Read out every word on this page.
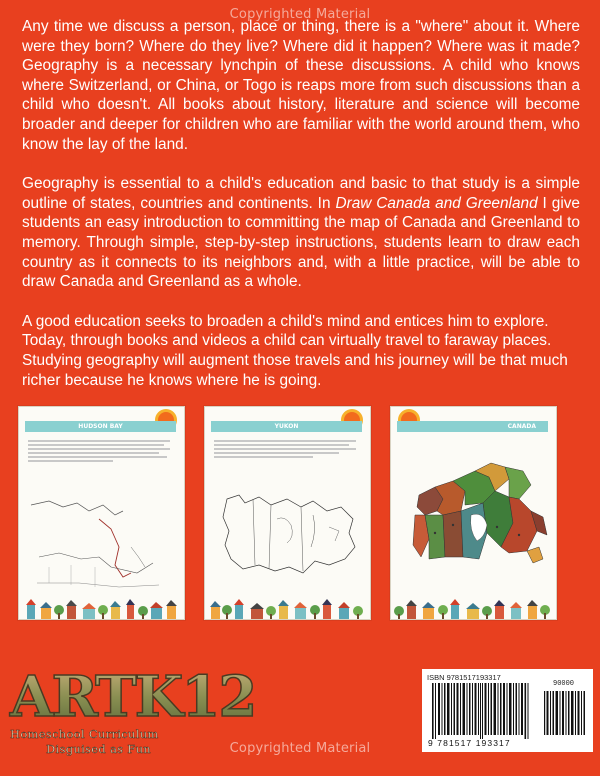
Copyrighted Material

Any time we discuss a person, place or thing, there is a "where" about it. Where were they born? Where do they live? Where did it happen? Where was it made? Geography is a necessary lynchpin of these discussions. A child who knows where Switzerland, or China, or Togo is reaps more from such discussions than a child who doesn't. All books about history, literature and science will become broader and deeper for children who are familiar with the world around them, who know the lay of the land.

Geography is essential to a child's education and basic to that study is a simple outline of states, countries and continents. In Draw Canada and Greenland I give students an easy introduction to committing the map of Canada and Greenland to memory. Through simple, step-by-step instructions, students learn to draw each country as it connects to its neighbors and, with a little practice, will be able to draw Canada and Greenland as a whole.

A good education seeks to broaden a child's mind and entices him to explore. Today, through books and videos a child can virtually travel to faraway places. Studying geography will augment those travels and his journey will be that much richer because he knows where he is going.

HUDSON BAY	YUKON	CANADA
ARTK12
Homeschool Curriculum
Disguised as Fun
ISBN 9781517193317
90000
9 781517 193317
Copyrighted Material
